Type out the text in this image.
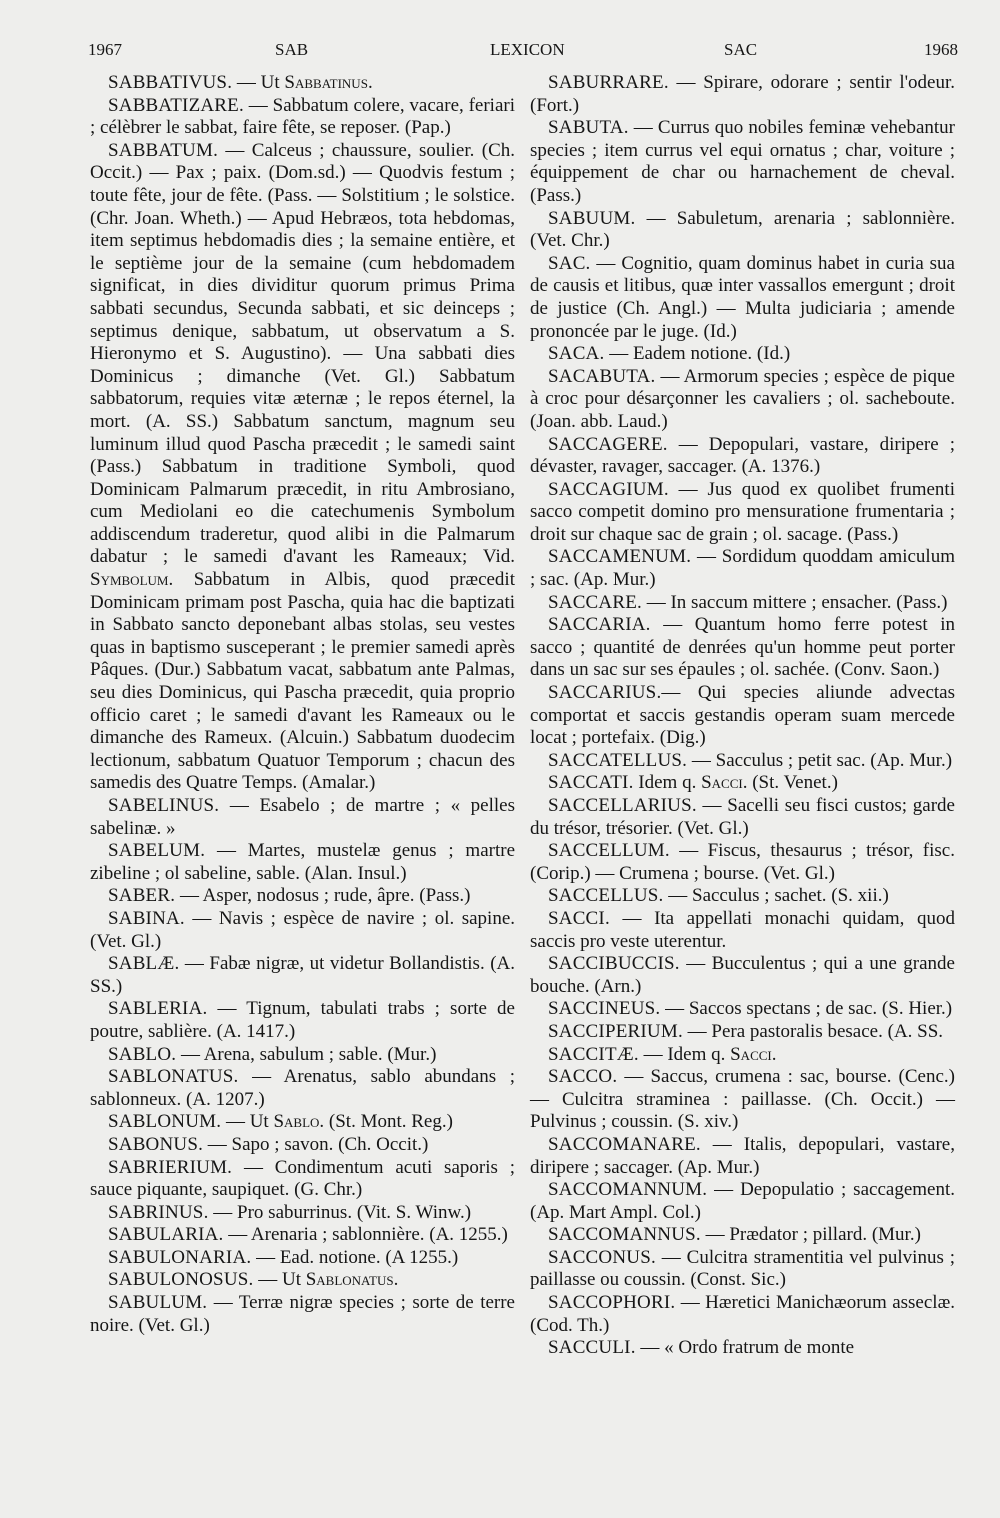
1967	SAB	LEXICON	SAC	1968

SABBATIVUS. — Ut Sabbatinus.

SABBATIZARE. — Sabbatum colere, vacare, feriari ; célèbrer le sabbat, faire fête, se reposer. (Pap.)

SABBATUM. — Calceus ; chaussure, soulier. (Ch. Occit.) — Pax ; paix. (Dom.sd.) — Quodvis festum ; toute fête, jour de fête. (Pass. — Solstitium ; le solstice. (Chr. Joan. Wheth.) — Apud Hebræos, tota hebdomas, item septimus hebdomadis dies ; la semaine entière, et le septième jour de la semaine (cum hebdomadem significat, in dies dividitur quorum primus Prima sabbati secundus, Secunda sabbati, et sic deinceps ; septimus denique, sabbatum, ut observatum a S. Hieronymo et S. Augustino). — Una sabbati dies Dominicus ; dimanche (Vet. Gl.) Sabbatum sabbatorum, requies vitæ æternæ ; le repos éternel, la mort. (A. SS.) Sabbatum sanctum, magnum seu luminum illud quod Pascha præcedit ; le samedi saint (Pass.) Sabbatum in traditione Symboli, quod Dominicam Palmarum præcedit, in ritu Ambrosiano, cum Mediolani eo die catechumenis Symbolum addiscendum traderetur, quod alibi in die Palmarum dabatur ; le samedi d'avant les Rameaux; Vid. Symbolum. Sabbatum in Albis, quod præcedit Dominicam primam post Pascha, quia hac die baptizati in Sabbato sancto deponebant albas stolas, seu vestes quas in baptismo susceperant ; le premier samedi après Pâques. (Dur.) Sabbatum vacat, sabbatum ante Palmas, seu dies Dominicus, qui Pascha præcedit, quia proprio officio caret ; le samedi d'avant les Rameaux ou le dimanche des Rameux. (Alcuin.) Sabbatum duodecim lectionum, sabbatum Quatuor Temporum ; chacun des samedis des Quatre Temps. (Amalar.)

SABELINUS. — Esabelo ; de martre ; « pelles sabelinæ. »

SABELUM. — Martes, mustelæ genus ; martre zibeline ; ol sabeline, sable. (Alan. Insul.)

SABER. — Asper, nodosus ; rude, âpre. (Pass.)

SABINA. — Navis ; espèce de navire ; ol. sapine. (Vet. Gl.)

SABLÆ. — Fabæ nigræ, ut videtur Bollandistis. (A. SS.)

SABLERIA. — Tignum, tabulati trabs ; sorte de poutre, sablière. (A. 1417.)

SABLO. — Arena, sabulum ; sable. (Mur.)

SABLONATUS. — Arenatus, sablo abundans ; sablonneux. (A. 1207.)

SABLONUM. — Ut Sablo. (St. Mont. Reg.)

SABONUS. — Sapo ; savon. (Ch. Occit.)

SABRIERIUM. — Condimentum acuti saporis ; sauce piquante, saupiquet. (G. Chr.)

SABRINUS. — Pro saburrinus. (Vit. S. Winw.)

SABULARIA. — Arenaria ; sablonnière. (A. 1255.)

SABULONARIA. — Ead. notione. (A 1255.)

SABULONOSUS. — Ut Sablonatus.

SABULUM. — Terræ nigræ species ; sorte de terre noire. (Vet. Gl.)

SABURRARE. — Spirare, odorare ; sentir l'odeur. (Fort.)

SABUTA. — Currus quo nobiles feminæ vehebantur species ; item currus vel equi ornatus ; char, voiture ; équippement de char ou harnachement de cheval. (Pass.)

SABUUM. — Sabuletum, arenaria ; sablonnière. (Vet. Chr.)

SAC. — Cognitio, quam dominus habet in curia sua de causis et litibus, quæ inter vassallos emergunt ; droit de justice (Ch. Angl.) — Multa judiciaria ; amende prononcée par le juge. (Id.)

SACA. — Eadem notione. (Id.)

SACABUTA. — Armorum species ; espèce de pique à croc pour désarçonner les cavaliers ; ol. sacheboute. (Joan. abb. Laud.)

SACCAGERE. — Depopulari, vastare, diripere ; dévaster, ravager, saccager. (A. 1376.)

SACCAGIUM. — Jus quod ex quolibet frumenti sacco competit domino pro mensuratione frumentaria ; droit sur chaque sac de grain ; ol. sacage. (Pass.)

SACCAMENUM. — Sordidum quoddam amiculum ; sac. (Ap. Mur.)

SACCARE. — In saccum mittere ; ensacher. (Pass.)

SACCARIA. — Quantum homo ferre potest in sacco ; quantité de denrées qu'un homme peut porter dans un sac sur ses épaules ; ol. sachée. (Conv. Saon.)

SACCARIUS.— Qui species aliunde advectas comportat et saccis gestandis operam suam mercede locat ; portefaix. (Dig.)

SACCATELLUS. — Sacculus ; petit sac. (Ap. Mur.)

SACCATI. Idem q. Sacci. (St. Venet.)

SACCELLARIUS. — Sacelli seu fisci custos; garde du trésor, trésorier. (Vet. Gl.)

SACCELLUM. — Fiscus, thesaurus ; trésor, fisc. (Corip.) — Crumena ; bourse. (Vet. Gl.)

SACCELLUS. — Sacculus ; sachet. (S. xii.)

SACCI. — Ita appellati monachi quidam, quod saccis pro veste uterentur.

SACCIBUCCIS. — Bucculentus ; qui a une grande bouche. (Arn.)

SACCINEUS. — Saccos spectans ; de sac. (S. Hier.)

SACCIPERIUM. — Pera pastoralis besace. (A. SS.

SACCITÆ. — Idem q. Sacci.

SACCO. — Saccus, crumena : sac, bourse. (Cenc.) — Culcitra straminea : paillasse. (Ch. Occit.) — Pulvinus ; coussin. (S. xiv.)

SACCOMANARE. — Italis, depopulari, vastare, diripere ; saccager. (Ap. Mur.)

SACCOMANNUM. — Depopulatio ; saccagement. (Ap. Mart Ampl. Col.)

SACCOMANNUS. — Prædator ; pillard. (Mur.)

SACCONUS. — Culcitra stramentitia vel pulvinus ; paillasse ou coussin. (Const. Sic.)

SACCOPHORI. — Hæretici Manichæorum asseclæ. (Cod. Th.)

SACCULI. — « Ordo fratrum de monte
